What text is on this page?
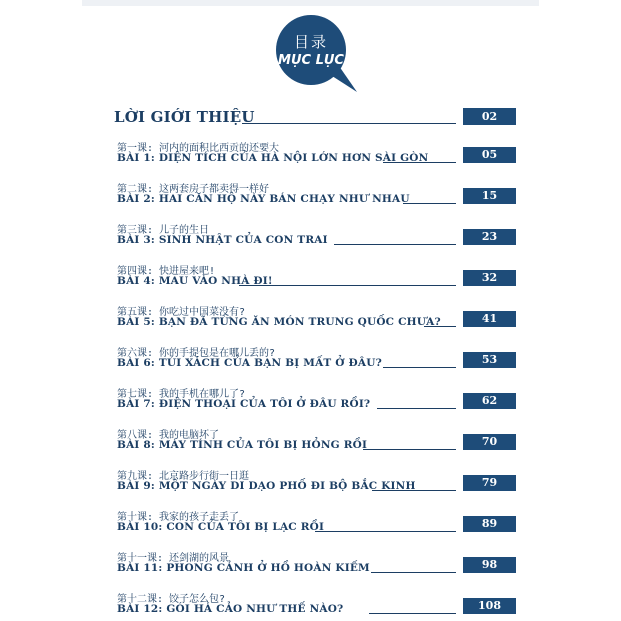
目录
MỤC LỤC
LỜI GIỚI THIỆU	02
第一课: 河内的面积比西贡的还要大
BÀI 1: DIỆN TÍCH CỦA HÀ NỘI LỚN HƠN SÀI GÒN	05
第二课: 这两套房子都卖得一样好
BÀI 2: HAI CĂN HỘ NÀY BÁN CHẠY NHƯ NHAU	15
第三课: 儿子的生日
BÀI 3: SINH NHẬT CỦA CON TRAI	23
第四课: 快进屋来吧!
BÀI 4: MAU VÀO NHÀ ĐI!	32
第五课: 你吃过中国菜没有?
BÀI 5: BẠN ĐÃ TỪNG ĂN MÓN TRUNG QUỐC CHƯA?	41
第六课: 你的手提包是在哪儿丢的?
BÀI 6: TÚI XÁCH CỦA BẠN BỊ MẤT Ở ĐÂU?	53
第七课: 我的手机在哪儿了?
BÀI 7: ĐIỆN THOẠI CỦA TÔI Ở ĐÂU RỒI?	62
第八课: 我的电脑坏了
BÀI 8: MÁY TÍNH CỦA TÔI BỊ HỎNG RỒI	70
第九课: 北京路步行街一日逛
BÀI 9: MỘT NGÀY DI DẠO PHỐ ĐI BỘ BẮC KINH	79
第十课: 我家的孩子走丢了
BÀI 10: CON CỦA TÔI BỊ LẠC RỒI	89
第十一课: 还剑湖的风景
BÀI 11: PHONG CẢNH Ở HỒ HOÀN KIẾM	98
第十二课: 饺子怎么包?
BÀI 12: GÓI HÁ CẢO NHƯ THẾ NÀO?	108
